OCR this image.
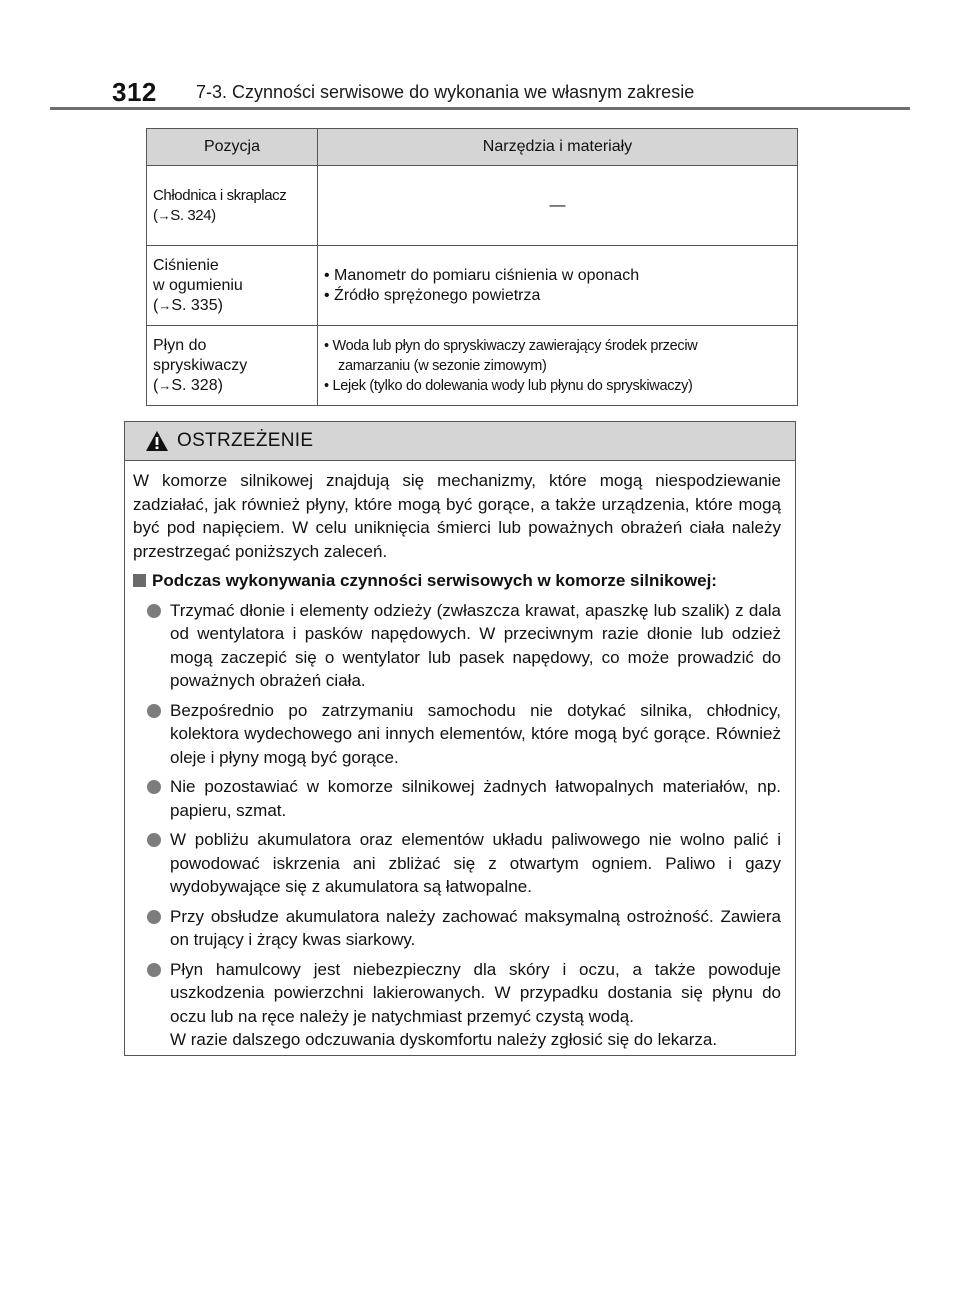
312	7-3. Czynności serwisowe do wykonania we własnym zakresie
Pozycja	Narzędzia i materiały

Chłodnica i skraplacz
(→S. 324)	—

Ciśnienie
w ogumieniu
(→S. 335)	• Manometr do pomiaru ciśnienia w oponach
• Źródło sprężonego powietrza

Płyn do
spryskiwaczy
(→S. 328)	• Woda lub płyn do spryskiwaczy zawierający środek przeciw
zamarzaniu (w sezonie zimowym)
• Lejek (tylko do dolewania wody lub płynu do spryskiwaczy)
OSTRZEŻENIE

W komorze silnikowej znajdują się mechanizmy, które mogą niespodziewanie zadziałać, jak również płyny, które mogą być gorące, a także urządzenia, które mogą być pod napięciem. W celu uniknięcia śmierci lub poważnych obrażeń ciała należy przestrzegać poniższych zaleceń.

Podczas wykonywania czynności serwisowych w komorze silnikowej:
Trzymać dłonie i elementy odzieży (zwłaszcza krawat, apaszkę lub szalik) z dala od wentylatora i pasków napędowych. W przeciwnym razie dłonie lub odzież mogą zaczepić się o wentylator lub pasek napędowy, co może prowadzić do poważnych obrażeń ciała.
Bezpośrednio po zatrzymaniu samochodu nie dotykać silnika, chłodnicy, kolektora wydechowego ani innych elementów, które mogą być gorące. Również oleje i płyny mogą być gorące.
Nie pozostawiać w komorze silnikowej żadnych łatwopalnych materiałów, np. papieru, szmat.
W pobliżu akumulatora oraz elementów układu paliwowego nie wolno palić i powodować iskrzenia ani zbliżać się z otwartym ogniem. Paliwo i gazy wydobywające się z akumulatora są łatwopalne.
Przy obsłudze akumulatora należy zachować maksymalną ostrożność. Zawiera on trujący i żrący kwas siarkowy.
Płyn hamulcowy jest niebezpieczny dla skóry i oczu, a także powoduje uszkodzenia powierzchni lakierowanych. W przypadku dostania się płynu do oczu lub na ręce należy je natychmiast przemyć czystą wodą.
W razie dalszego odczuwania dyskomfortu należy zgłosić się do lekarza.
